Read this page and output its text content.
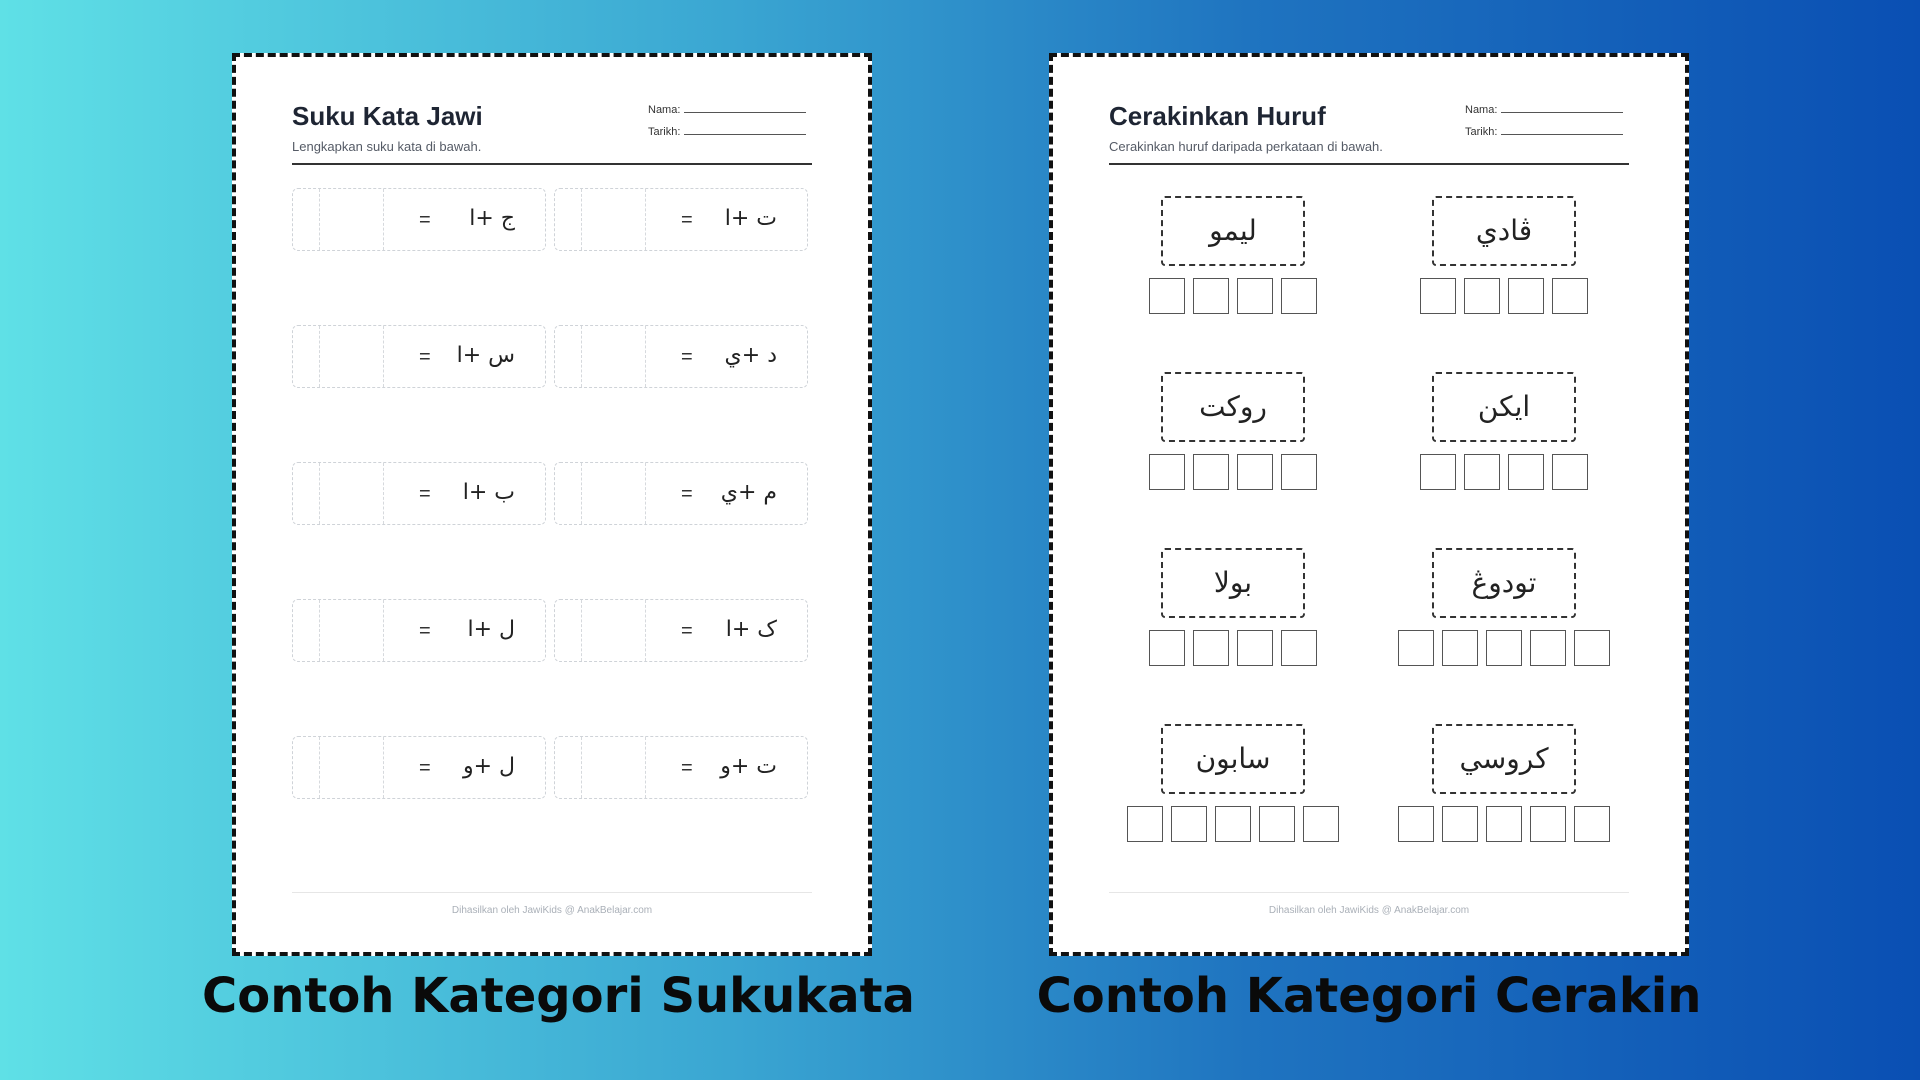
Suku Kata Jawi
Lengkapkan suku kata di bawah.
Nama:
Tarikh:
= ج +ا	= ت +ا
= س +ا	= د +ي
= ب +ا	= م +ي
= ل +ا	= ک +ا
= ل +و	= ت +و
Dihasilkan oleh JawiKids @ AnakBelajar.com
Cerakinkan Huruf
Cerakinkan huruf daripada perkataan di bawah.
Nama:
Tarikh:
ليمو	ڤادي
روكت	ايكن
بولا	تودوڠ
سابون	كروسي
Dihasilkan oleh JawiKids @ AnakBelajar.com
Contoh Kategori Sukukata	Contoh Kategori Cerakin
